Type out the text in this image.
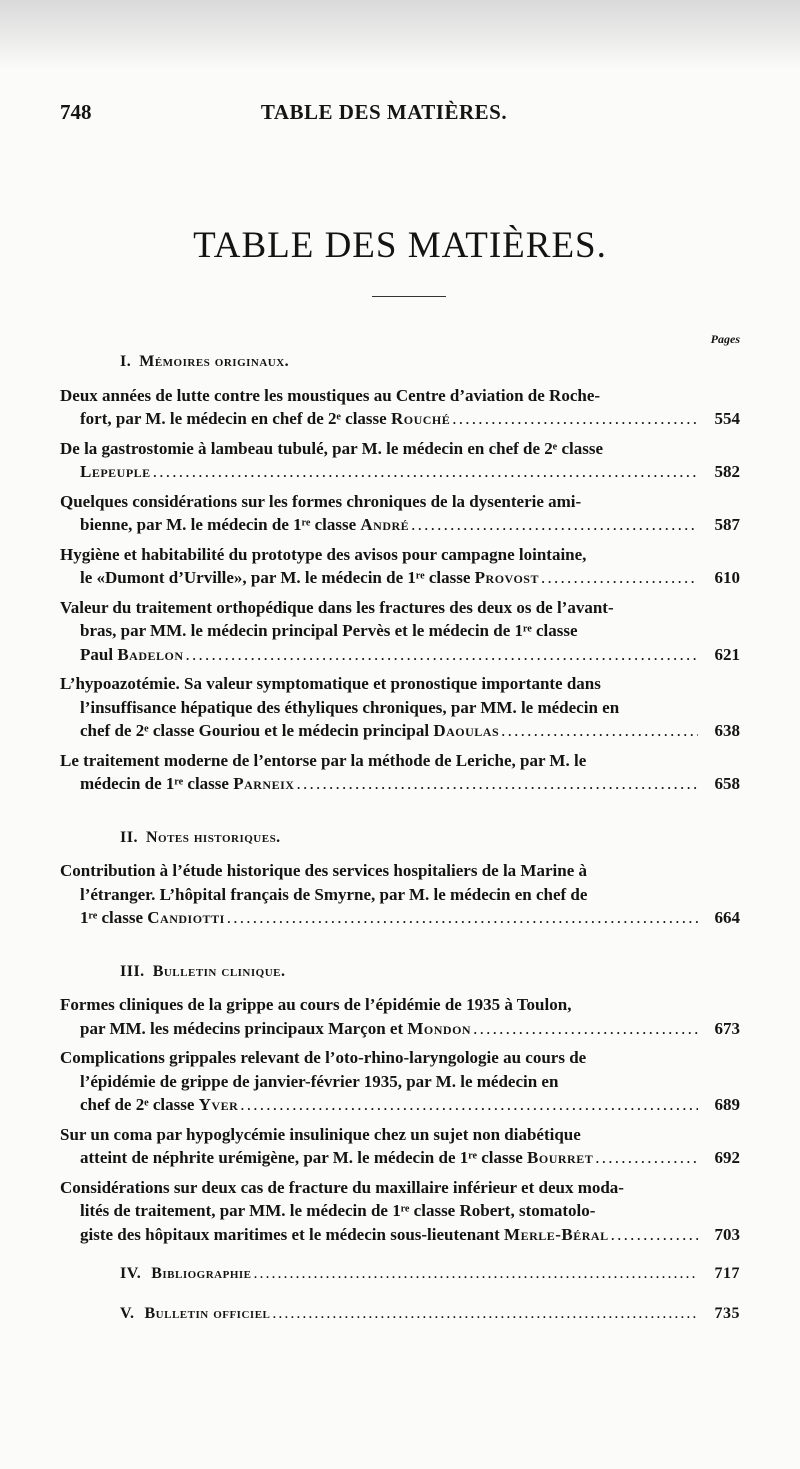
748	TABLE DES MATIÈRES.
TABLE DES MATIÈRES.
Pages
I. Mémoires originaux.
Deux années de lutte contre les moustiques au Centre d’aviation de Roche-
fort, par M. le médecin en chef de 2ᵉ classe Rouché . . .	554
De la gastrostomie à lambeau tubulé, par M. le médecin en chef de 2ᵉ classe
Lepeuple . . .	582
Quelques considérations sur les formes chroniques de la dysenterie ami-
bienne, par M. le médecin de 1ʳᵉ classe André . . .	587
Hygiène et habitabilité du prototype des avisos pour campagne lointaine,
le «Dumont d’Urville», par M. le médecin de 1ʳᵉ classe Provost . . .	610
Valeur du traitement orthopédique dans les fractures des deux os de l’avant-
bras, par MM. le médecin principal Pervès et le médecin de 1ʳᵉ classe
Paul Badelon . . .	621
L’hypoazotémie. Sa valeur symptomatique et pronostique importante dans
l’insuffisance hépatique des éthyliques chroniques, par MM. le médecin en
chef de 2ᵉ classe Gouriou et le médecin principal Daoulas . . .	638
Le traitement moderne de l’entorse par la méthode de Leriche, par M. le
médecin de 1ʳᵉ classe Parneix . . .	658
II. Notes historiques.
Contribution à l’étude historique des services hospitaliers de la Marine à
l’étranger. L’hôpital français de Smyrne, par M. le médecin en chef de
1ʳᵉ classe Candiotti . . .	664
III. Bulletin clinique.
Formes cliniques de la grippe au cours de l’épidémie de 1935 à Toulon,
par MM. les médecins principaux Marçon et Mondon . . .	673
Complications grippales relevant de l’oto-rhino-laryngologie au cours de
l’épidémie de grippe de janvier-février 1935, par M. le médecin en
chef de 2ᵉ classe Yver . . .	689
Sur un coma par hypoglycémie insulinique chez un sujet non diabétique
atteint de néphrite urémigène, par M. le médecin de 1ʳᵉ classe Bourret . . .	692
Considérations sur deux cas de fracture du maxillaire inférieur et deux moda-
lités de traitement, par MM. le médecin de 1ʳᵉ classe Robert, stomatolo-
giste des hôpitaux maritimes et le médecin sous-lieutenant Merle-Béral . . .	703
IV. Bibliographie . . .	717
V. Bulletin officiel . . .	735
